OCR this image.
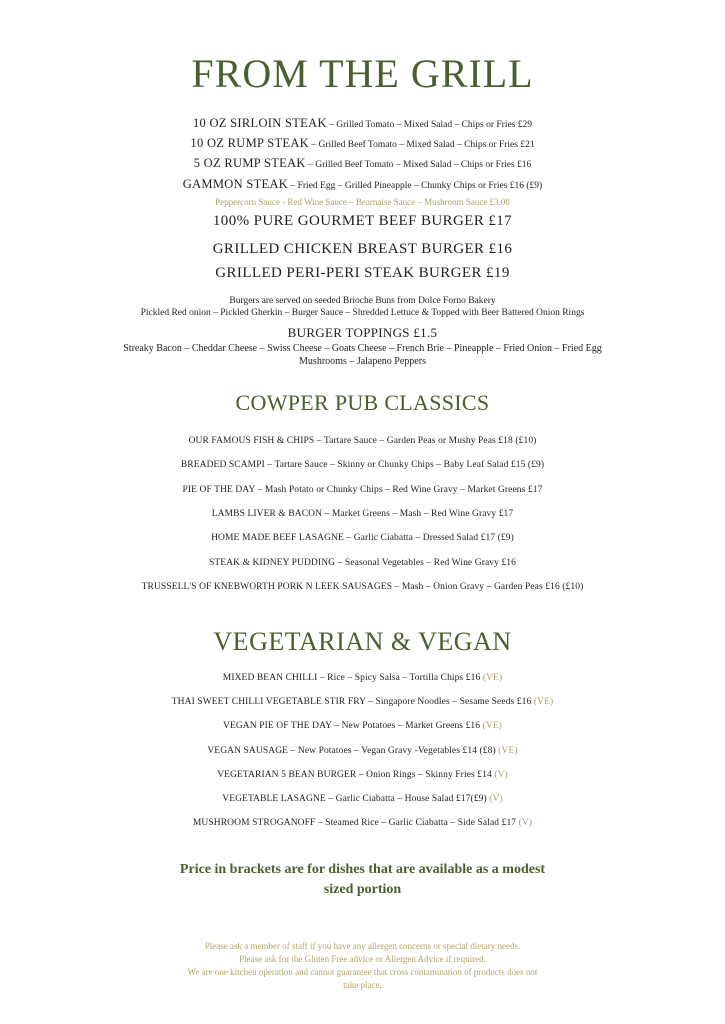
FROM THE GRILL
10 OZ SIRLOIN STEAK – Grilled Tomato – Mixed Salad – Chips or Fries £29
10 OZ RUMP STEAK – Grilled Beef Tomato – Mixed Salad – Chips or Fries £21
5 OZ RUMP STEAK – Grilled Beef Tomato – Mixed Salad – Chips or Fries £16
GAMMON STEAK – Fried Egg – Grilled Pineapple – Chunky Chips or Fries £16 (£9)
Peppercorn Sauce - Red Wine Sauce – Bearnaise Sauce – Mushroom Sauce £3.00
100% PURE GOURMET BEEF BURGER £17
GRILLED CHICKEN BREAST BURGER £16
GRILLED PERI-PERI STEAK BURGER £19
Burgers are served on seeded Brioche Buns from Dolce Forno Bakery
Pickled Red onion – Pickled Gherkin – Burger Sauce – Shredded Lettuce & Topped with Beer Battered Onion Rings
BURGER TOPPINGS £1.5
Streaky Bacon – Cheddar Cheese – Swiss Cheese – Goats Cheese – French Brie – Pineapple – Fried Onion – Fried Egg
Mushrooms – Jalapeno Peppers
COWPER PUB CLASSICS
OUR FAMOUS FISH & CHIPS – Tartare Sauce – Garden Peas or Mushy Peas £18 (£10)
BREADED SCAMPI – Tartare Sauce – Skinny or Chunky Chips – Baby Leaf Salad £15 (£9)
PIE OF THE DAY – Mash Potato or Chunky Chips – Red Wine Gravy – Market Greens £17
LAMBS LIVER & BACON – Market Greens – Mash – Red Wine Gravy £17
HOME MADE BEEF LASAGNE – Garlic Ciabatta – Dressed Salad £17 (£9)
STEAK & KIDNEY PUDDING – Seasonal Vegetables – Red Wine Gravy £16
TRUSSELL'S OF KNEBWORTH PORK N LEEK SAUSAGES – Mash – Onion Gravy – Garden Peas £16 (£10)
VEGETARIAN & VEGAN
MIXED BEAN CHILLI – Rice – Spicy Salsa – Tortilla Chips £16 (VE)
THAI SWEET CHILLI VEGETABLE STIR FRY – Singapore Noodles – Sesame Seeds £16 (VE)
VEGAN PIE OF THE DAY – New Potatoes – Market Greens £16 (VE)
VEGAN SAUSAGE – New Potatoes – Vegan Gravy -Vegetables £14 (£8) (VE)
VEGETARIAN 5 BEAN BURGER – Onion Rings – Skinny Fries £14 (V)
VEGETABLE LASAGNE – Garlic Ciabatta – House Salad £17(£9) (V)
MUSHROOM STROGANOFF – Steamed Rice – Garlic Ciabatta – Side Salad £17 (V)
Price in brackets are for dishes that are available as a modest
sized portion
Please ask a member of staff if you have any allergen concerns or special dietary needs.
Please ask for the Gluten Free advice or Allergen Advice if required.
We are one kitchen operation and cannot guarantee that cross contamination of products does not
take place.
